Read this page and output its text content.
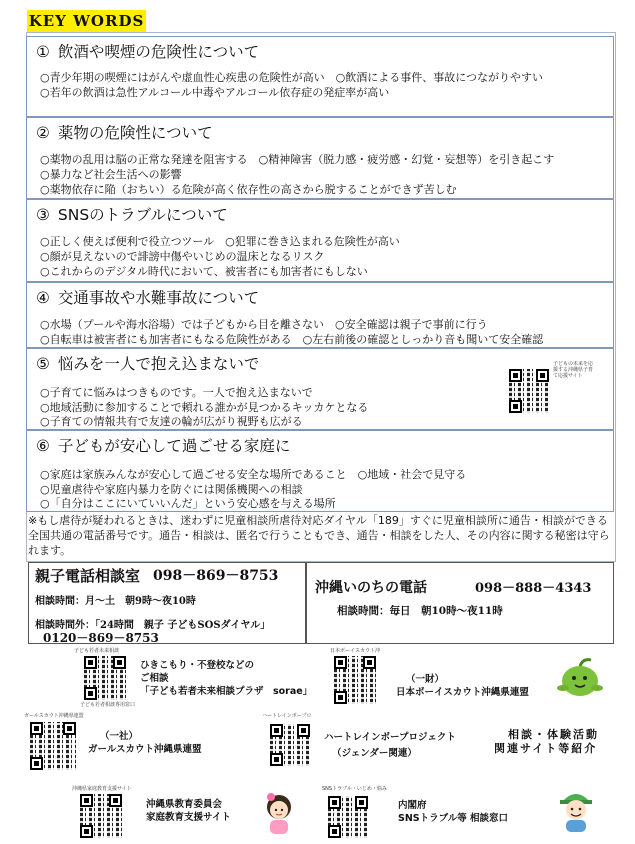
KEY WORDS
① 飲酒や喫煙の危険性について
○青少年期の喫煙にはがんや虚血性心疾患の危険性が高い　○飲酒による事件、事故につながりやすい
○若年の飲酒は急性アルコール中毒やアルコール依存症の発症率が高い
② 薬物の危険性について
○薬物の乱用は脳の正常な発達を阻害する　○精神障害（脱力感・疲労感・幻覚・妄想等）を引き起こす
○暴力など社会生活への影響
○薬物依存に陥（おちい）る危険が高く依存性の高さから脱することができず苦しむ
③ SNSのトラブルについて
○正しく使えば便利で役立つツール　○犯罪に巻き込まれる危険性が高い
○顔が見えないので誹謗中傷やいじめの温床となるリスク
○これからのデジタル時代において、被害者にも加害者にもしない
④ 交通事故や水難事故について
○水場（プールや海水浴場）では子どもから目を離さない　○安全確認は親子で事前に行う
○自転車は被害者にも加害者にもなる危険性がある　○左右前後の確認としっかり音も聞いて安全確認
⑤ 悩みを一人で抱え込まないで
○子育てに悩みはつきものです。一人で抱え込まないで
○地域活動に参加することで頼れる誰かが見つかるキッカケとなる
○子育ての情報共有で友達の輪が広がり視野も広がる
子どもの未来を応援する沖縄県子育て応援サイト
⑥ 子どもが安心して過ごせる家庭に
○家庭は家族みんなが安心して過ごせる安全な場所であること　○地域・社会で見守る
○児童虐待や家庭内暴力を防ぐには関係機関への相談
○「自分はここにいていいんだ」という安心感を与える場所
※もし虐待が疑われるときは、迷わずに児童相談所虐待対応ダイヤル「189」すぐに児童相談所に通告・相談ができる全国共通の電話番号です。通告・相談は、匿名で行うこともでき、通告・相談をした人、その内容に関する秘密は守られます。
親子電話相談室 098－869－8753
相談時間：月～土　朝9時～夜10時
相談時間外：「24時間　親子 子どもSOSダイヤル」
0120－869－8753
沖縄いのちの電話	098－888－4343
相談時間：毎日　朝10時～夜11時
子ども若者未来相談
子ども若者相談専用窓口
ひきこもり・不登校などの
ご相談
「子ども若者未来相談プラザ　sorae」
日本ボーイスカウト沖
（一財）
日本ボーイスカウト沖縄県連盟
ガールスカウト沖縄県連盟
（一社）
ガールスカウト沖縄県連盟
ハートレインボープロ
ハートレインボープロジェクト
（ジェンダー関連）
相談・体験活動
関連サイト等紹介
沖縄県家庭教育支援サイト
沖縄県教育委員会
家庭教育支援サイト
SNSトラブル・いじめ・悩み
内閣府
SNSトラブル等 相談窓口
